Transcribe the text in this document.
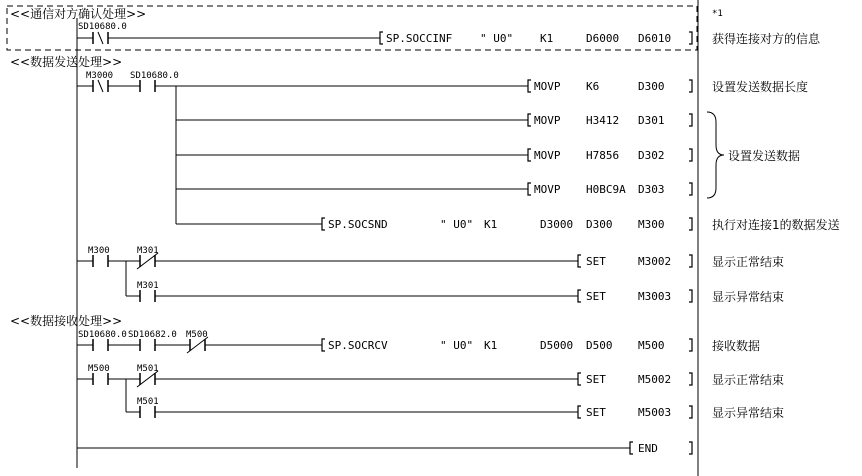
<<通信对方确认处理>>
<<数据发送处理>>
<<数据接收处理>>
*1
SD10680.0
M3000 SD10680.0
M300	M301
M301
SD10680.0 SD10682.0 M500
M500	M501
M501
SP.SOCCINF	" U0" K1	D6000 D6010
MOVP K6	D300
MOVP H3412 D301
MOVP H7856 D302
MOVP H0BC9A D303
SP.SOCSND	" U0" K1	D3000 D300 M300
SET	M3002
SET	M3003
SP.SOCRCV	" U0" K1	D5000 D500 M500
SET	M5002
SET	M5003
END
获得连接对方的信息
设置发送数据长度
设置发送数据
执行对连接1的数据发送
显示正常结束
显示异常结束
接收数据
显示正常结束
显示异常结束
